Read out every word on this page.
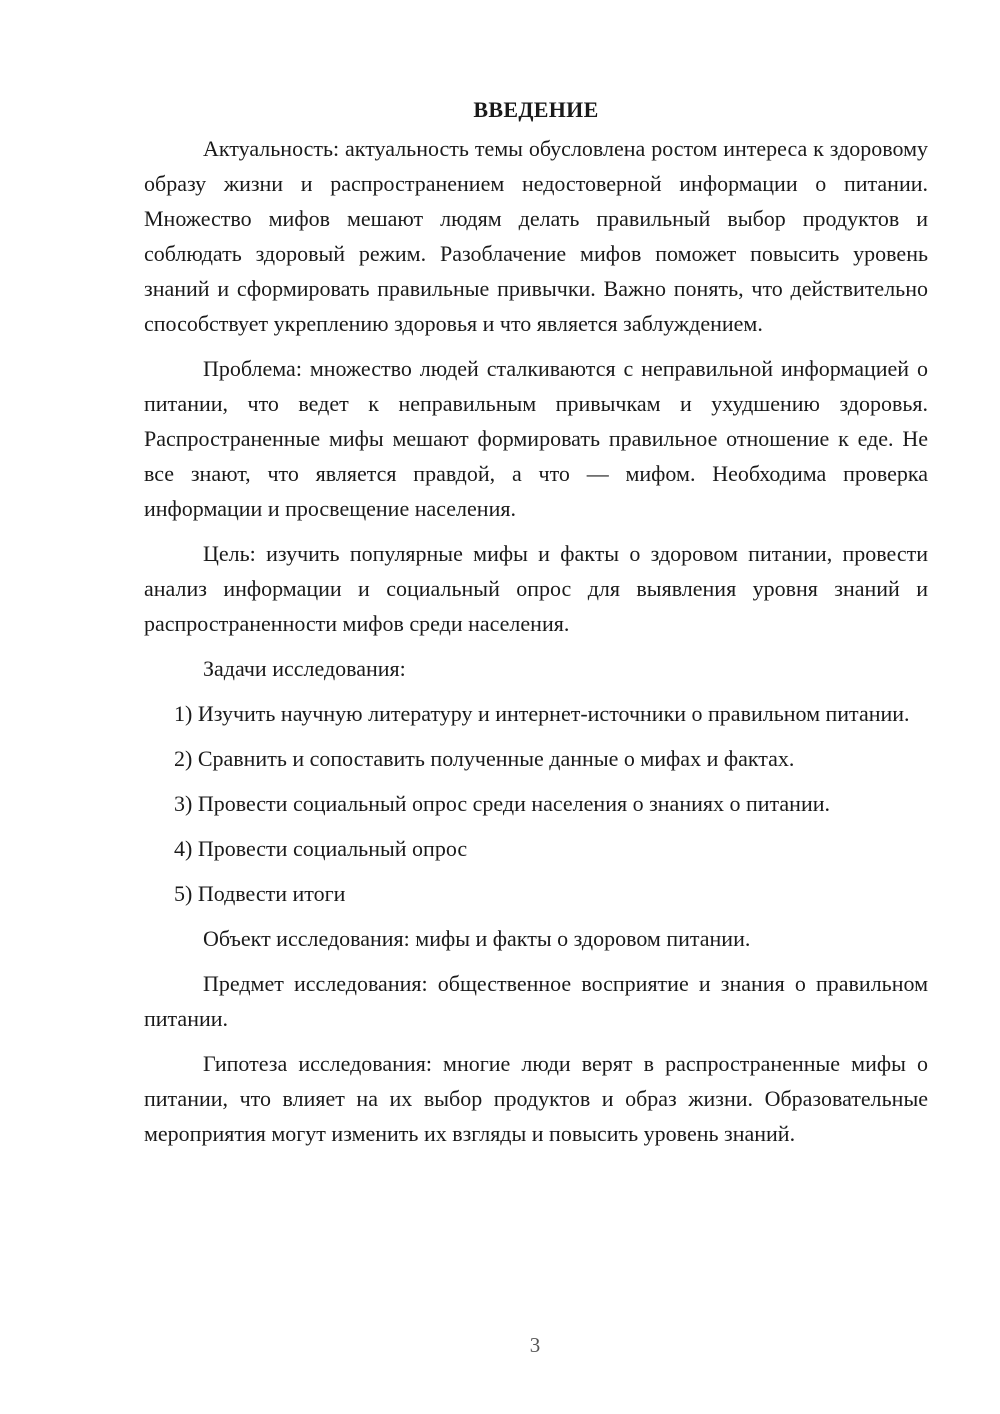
ВВЕДЕНИЕ

Актуальность: актуальность темы обусловлена ростом интереса к здоровому образу жизни и распространением недостоверной информации о питании. Множество мифов мешают людям делать правильный выбор продуктов и соблюдать здоровый режим. Разоблачение мифов поможет повысить уровень знаний и сформировать правильные привычки. Важно понять, что действительно способствует укреплению здоровья и что является заблуждением.

Проблема: множество людей сталкиваются с неправильной информацией о питании, что ведет к неправильным привычкам и ухудшению здоровья. Распространенные мифы мешают формировать правильное отношение к еде. Не все знают, что является правдой, а что — мифом. Необходима проверка информации и просвещение населения.

Цель: изучить популярные мифы и факты о здоровом питании, провести анализ информации и социальный опрос для выявления уровня знаний и распространенности мифов среди населения.

Задачи исследования:

1) Изучить научную литературу и интернет-источники о правильном питании.

2) Сравнить и сопоставить полученные данные о мифах и фактах.

3) Провести социальный опрос среди населения о знаниях о питании.

4) Провести социальный опрос

5) Подвести итоги

Объект исследования: мифы и факты о здоровом питании.

Предмет исследования: общественное восприятие и знания о правильном питании.

Гипотеза исследования: многие люди верят в распространенные мифы о питании, что влияет на их выбор продуктов и образ жизни. Образовательные мероприятия могут изменить их взгляды и повысить уровень знаний.

3
